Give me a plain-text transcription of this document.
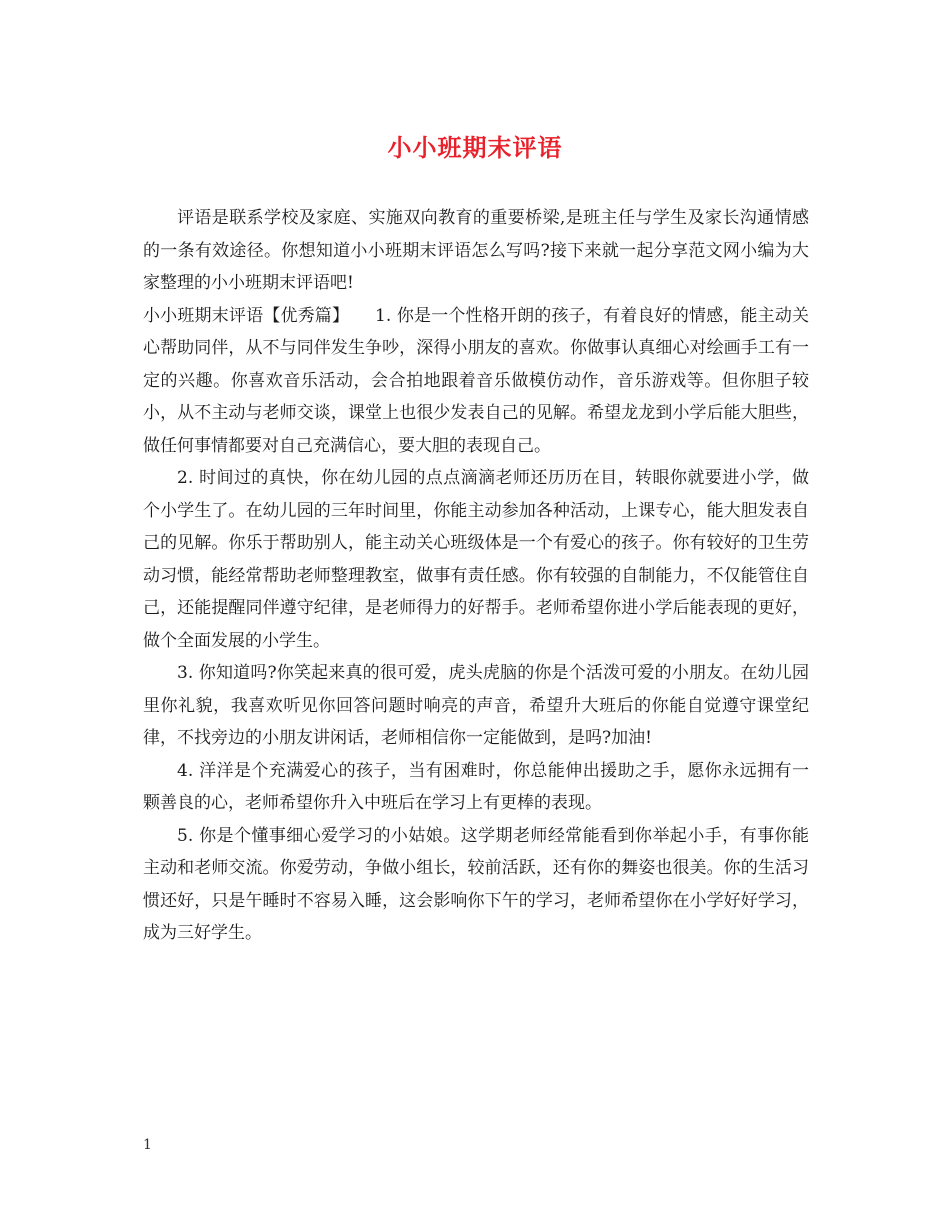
小小班期末评语

评语是联系学校及家庭、实施双向教育的重要桥梁,是班主任与学生及家长沟通情感的一条有效途径。你想知道小小班期末评语怎么写吗?接下来就一起分享范文网小编为大家整理的小小班期末评语吧!

小小班期末评语【优秀篇】　　1. 你是一个性格开朗的孩子，有着良好的情感，能主动关心帮助同伴，从不与同伴发生争吵，深得小朋友的喜欢。你做事认真细心对绘画手工有一定的兴趣。你喜欢音乐活动，会合拍地跟着音乐做模仿动作，音乐游戏等。但你胆子较小，从不主动与老师交谈，课堂上也很少发表自己的见解。希望龙龙到小学后能大胆些，做任何事情都要对自己充满信心，要大胆的表现自己。

2. 时间过的真快，你在幼儿园的点点滴滴老师还历历在目，转眼你就要进小学，做个小学生了。在幼儿园的三年时间里，你能主动参加各种活动，上课专心，能大胆发表自己的见解。你乐于帮助别人，能主动关心班级体是一个有爱心的孩子。你有较好的卫生劳动习惯，能经常帮助老师整理教室，做事有责任感。你有较强的自制能力，不仅能管住自己，还能提醒同伴遵守纪律，是老师得力的好帮手。老师希望你进小学后能表现的更好，做个全面发展的小学生。

3. 你知道吗?你笑起来真的很可爱，虎头虎脑的你是个活泼可爱的小朋友。在幼儿园里你礼貌，我喜欢听见你回答问题时响亮的声音，希望升大班后的你能自觉遵守课堂纪律，不找旁边的小朋友讲闲话，老师相信你一定能做到，是吗?加油!

4. 洋洋是个充满爱心的孩子，当有困难时，你总能伸出援助之手，愿你永远拥有一颗善良的心，老师希望你升入中班后在学习上有更棒的表现。

5. 你是个懂事细心爱学习的小姑娘。这学期老师经常能看到你举起小手，有事你能主动和老师交流。你爱劳动，争做小组长，较前活跃，还有你的舞姿也很美。你的生活习惯还好，只是午睡时不容易入睡，这会影响你下午的学习，老师希望你在小学好好学习，成为三好学生。

1
